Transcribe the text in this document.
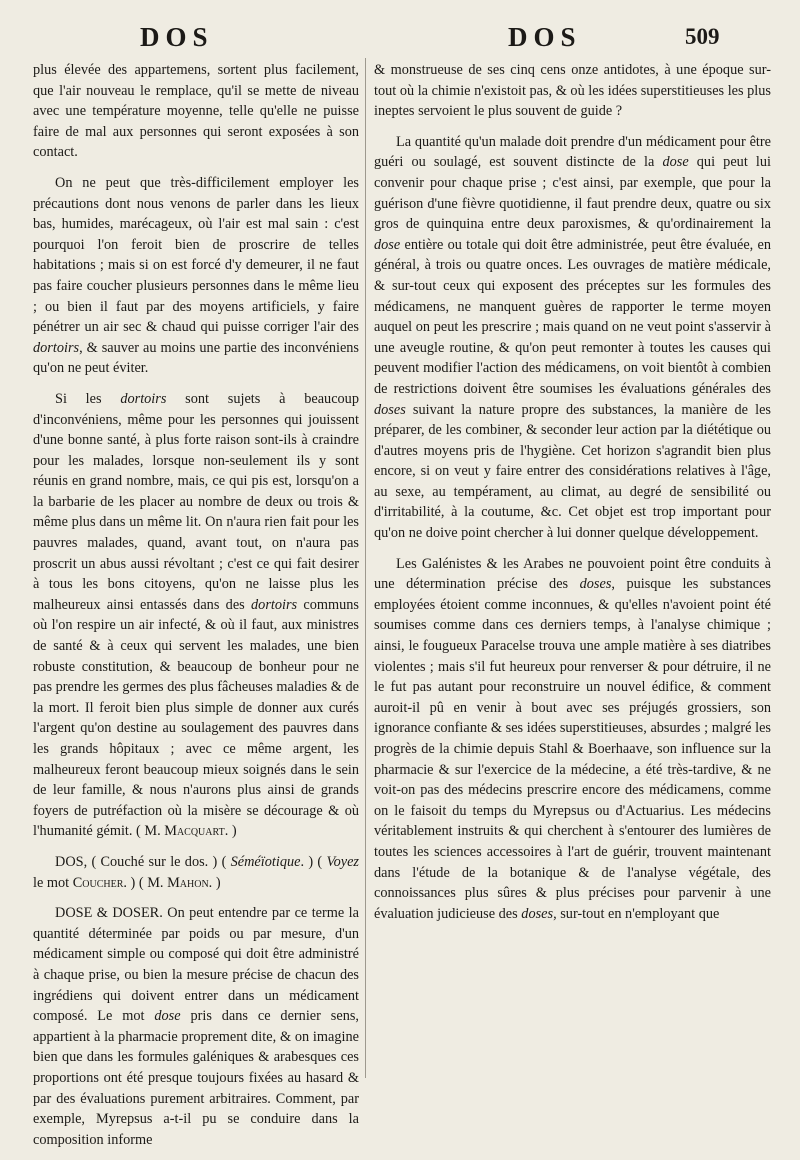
DOS	DOS	509

plus élevée des appartemens, sortent plus facilement, que l'air nouveau le remplace, qu'il se mette de niveau avec une température moyenne, telle qu'elle ne puisse faire de mal aux personnes qui seront exposées à son contact.

On ne peut que très-difficilement employer les précautions dont nous venons de parler dans les lieux bas, humides, marécageux, où l'air est mal sain : c'est pourquoi l'on feroit bien de proscrire de telles habitations ; mais si on est forcé d'y demeurer, il ne faut pas faire coucher plusieurs personnes dans le même lieu ; ou bien il faut par des moyens artificiels, y faire pénétrer un air sec & chaud qui puisse corriger l'air des dortoirs, & sauver au moins une partie des inconvéniens qu'on ne peut éviter.

Si les dortoirs sont sujets à beaucoup d'inconvéniens, même pour les personnes qui jouissent d'une bonne santé, à plus forte raison sont-ils à craindre pour les malades, lorsque non-seulement ils y sont réunis en grand nombre, mais, ce qui pis est, lorsqu'on a la barbarie de les placer au nombre de deux ou trois & même plus dans un même lit. On n'aura rien fait pour les pauvres malades, quand, avant tout, on n'aura pas proscrit un abus aussi révoltant ; c'est ce qui fait desirer à tous les bons citoyens, qu'on ne laisse plus les malheureux ainsi entassés dans des dortoirs communs où l'on respire un air infecté, & où il faut, aux ministres de santé & à ceux qui servent les malades, une bien robuste constitution, & beaucoup de bonheur pour ne pas prendre les germes des plus fâcheuses maladies & de la mort. Il feroit bien plus simple de donner aux curés l'argent qu'on destine au soulagement des pauvres dans les grands hôpitaux ; avec ce même argent, les malheureux feront beaucoup mieux soignés dans le sein de leur famille, & nous n'aurons plus ainsi de grands foyers de putréfaction où la misère se décourage & où l'humanité gémit. ( M. Macquart. )

DOS, ( Couché sur le dos. ) ( Séméïotique. ) ( Voyez le mot Coucher. ) ( M. Mahon. )

DOSE & DOSER. On peut entendre par ce terme la quantité déterminée par poids ou par mesure, d'un médicament simple ou composé qui doit être administré à chaque prise, ou bien la mesure précise de chacun des ingrédiens qui doivent entrer dans un médicament composé. Le mot dose pris dans ce dernier sens, appartient à la pharmacie proprement dite, & on imagine bien que dans les formules galéniques & arabesques ces proportions ont été presque toujours fixées au hasard & par des évaluations purement arbitraires. Comment, par exemple, Myrepsus a-t-il pu se conduire dans la composition informe

& monstrueuse de ses cinq cens onze antidotes, à une époque sur-tout où la chimie n'existoit pas, & où les idées superstitieuses les plus ineptes servoient le plus souvent de guide ?

La quantité qu'un malade doit prendre d'un médicament pour être guéri ou soulagé, est souvent distincte de la dose qui peut lui convenir pour chaque prise ; c'est ainsi, par exemple, que pour la guérison d'une fièvre quotidienne, il faut prendre deux, quatre ou six gros de quinquina entre deux paroxismes, & qu'ordinairement la dose entière ou totale qui doit être administrée, peut être évaluée, en général, à trois ou quatre onces. Les ouvrages de matière médicale, & sur-tout ceux qui exposent des préceptes sur les formules des médicamens, ne manquent guères de rapporter le terme moyen auquel on peut les prescrire ; mais quand on ne veut point s'asservir à une aveugle routine, & qu'on peut remonter à toutes les causes qui peuvent modifier l'action des médicamens, on voit bientôt à combien de restrictions doivent être soumises les évaluations générales des doses suivant la nature propre des substances, la manière de les préparer, de les combiner, & seconder leur action par la diététique ou d'autres moyens pris de l'hygiène. Cet horizon s'agrandit bien plus encore, si on veut y faire entrer des considérations relatives à l'âge, au sexe, au tempérament, au climat, au degré de sensibilité ou d'irritabilité, à la coutume, &c. Cet objet est trop important pour qu'on ne doive point chercher à lui donner quelque développement.

Les Galénistes & les Arabes ne pouvoient point être conduits à une détermination précise des doses, puisque les substances employées étoient comme inconnues, & qu'elles n'avoient point été soumises comme dans ces derniers temps, à l'analyse chimique ; ainsi, le fougueux Paracelse trouva une ample matière à ses diatribes violentes ; mais s'il fut heureux pour renverser & pour détruire, il ne le fut pas autant pour reconstruire un nouvel édifice, & comment auroit-il pû en venir à bout avec ses préjugés grossiers, son ignorance confiante & ses idées superstitieuses, absurdes ; malgré les progrès de la chimie depuis Stahl & Boerhaave, son influence sur la pharmacie & sur l'exercice de la médecine, a été très-tardive, & ne voit-on pas des médecins prescrire encore des médicamens, comme on le faisoit du temps du Myrepsus ou d'Actuarius. Les médecins véritablement instruits & qui cherchent à s'entourer des lumières de toutes les sciences accessoires à l'art de guérir, trouvent maintenant dans l'étude de la botanique & de l'analyse végétale, des connoissances plus sûres & plus précises pour parvenir à une évaluation judicieuse des doses, sur-tout en n'employant que
